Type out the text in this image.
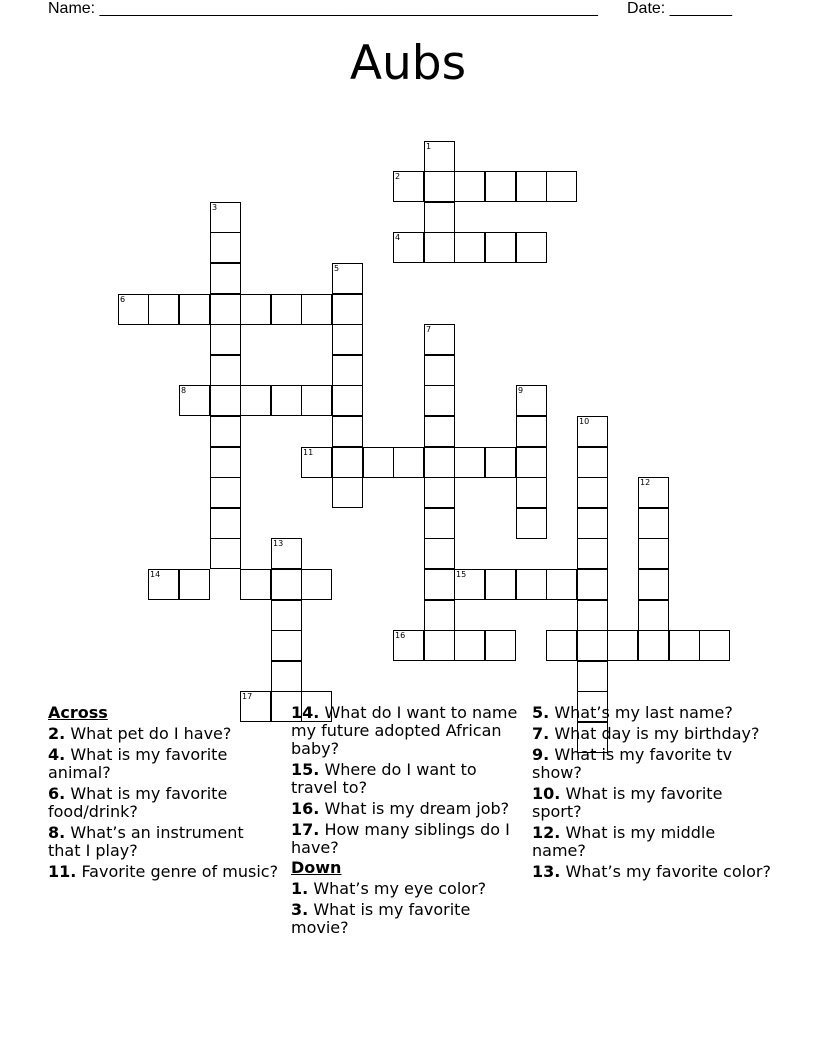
Name: ________________________________________________________ Date: _______
Aubs
1
2
4
3
5
6
7
8	9
10
11
12
13
14	15
16
17
Across
2. What pet do I have?
4. What is my favorite animal?
6. What is my favorite food/drink?
8. What’s an instrument that I play?
11. Favorite genre of music?
14. What do I want to name my future adopted African baby?
15. Where do I want to travel to?
16. What is my dream job?
17. How many siblings do I have?
Down
1. What’s my eye color?
3. What is my favorite movie?
5. What’s my last name?
7. What day is my birthday?
9. What is my favorite tv show?
10. What is my favorite sport?
12. What is my middle name?
13. What’s my favorite color?
